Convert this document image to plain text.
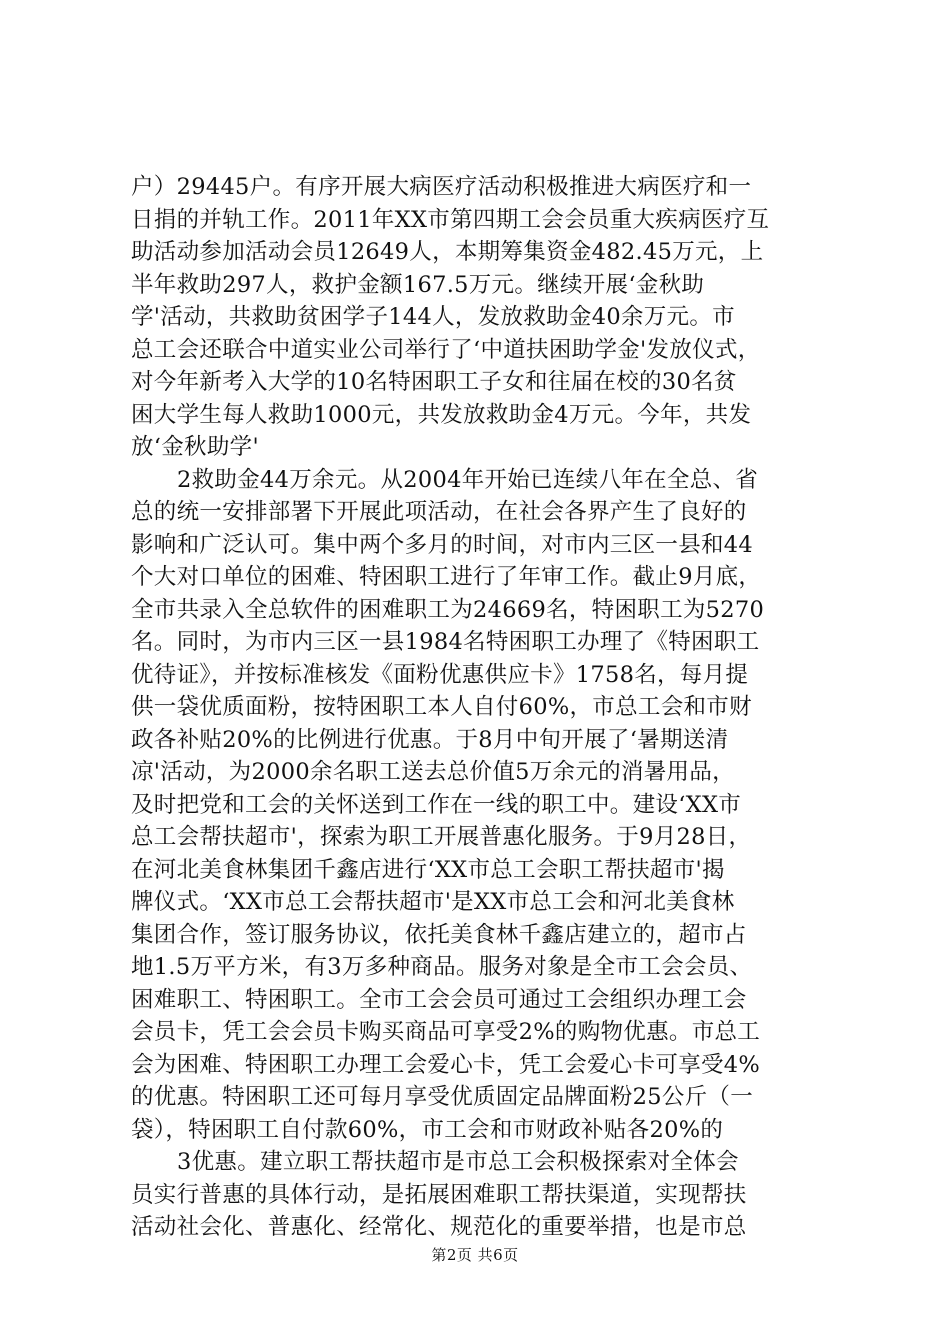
户）29445户。有序开展大病医疗活动积极推进大病医疗和一
日捐的并轨工作。2011年XX市第四期工会会员重大疾病医疗互
助活动参加活动会员12649人，本期筹集资金482.45万元，上
半年救助297人，救护金额167.5万元。继续开展‘金秋助
学'活动，共救助贫困学子144人，发放救助金40余万元。市
总工会还联合中道实业公司举行了‘中道扶困助学金'发放仪式，
对今年新考入大学的10名特困职工子女和往届在校的30名贫
困大学生每人救助1000元，共发放救助金4万元。今年，共发
放‘金秋助学'
2救助金44万余元。从2004年开始已连续八年在全总、省
总的统一安排部署下开展此项活动，在社会各界产生了良好的
影响和广泛认可。集中两个多月的时间，对市内三区一县和44
个大对口单位的困难、特困职工进行了年审工作。截止9月底，
全市共录入全总软件的困难职工为24669名，特困职工为5270
名。同时，为市内三区一县1984名特困职工办理了《特困职工
优待证》，并按标准核发《面粉优惠供应卡》1758名，每月提
供一袋优质面粉，按特困职工本人自付60%，市总工会和市财
政各补贴20%的比例进行优惠。于8月中旬开展了‘暑期送清
凉'活动，为2000余名职工送去总价值5万余元的消暑用品，
及时把党和工会的关怀送到工作在一线的职工中。建设‘XX市
总工会帮扶超市'，探索为职工开展普惠化服务。于9月28日，
在河北美食林集团千鑫店进行‘XX市总工会职工帮扶超市'揭
牌仪式。‘XX市总工会帮扶超市'是XX市总工会和河北美食林
集团合作，签订服务协议，依托美食林千鑫店建立的，超市占
地1.5万平方米，有3万多种商品。服务对象是全市工会会员、
困难职工、特困职工。全市工会会员可通过工会组织办理工会
会员卡，凭工会会员卡购买商品可享受2%的购物优惠。市总工
会为困难、特困职工办理工会爱心卡，凭工会爱心卡可享受4%
的优惠。特困职工还可每月享受优质固定品牌面粉25公斤（一
袋），特困职工自付款60%，市工会和市财政补贴各20%的
3优惠。建立职工帮扶超市是市总工会积极探索对全体会
员实行普惠的具体行动，是拓展困难职工帮扶渠道，实现帮扶
活动社会化、普惠化、经常化、规范化的重要举措，也是市总
第2页 共6页
